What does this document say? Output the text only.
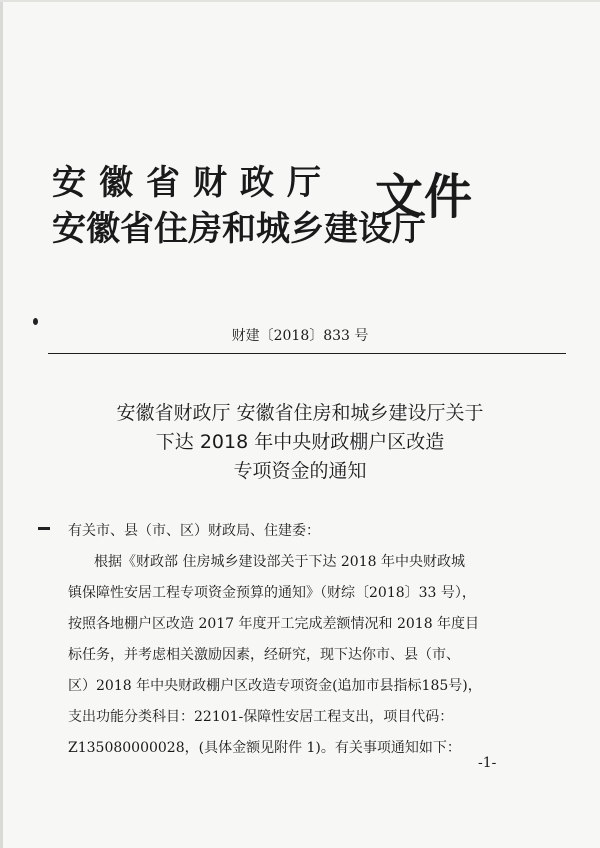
安徽省财政厅
安徽省住房和城乡建设厅
文件
财建〔2018〕833 号
安徽省财政厅 安徽省住房和城乡建设厅关于
下达 2018 年中央财政棚户区改造
专项资金的通知
有关市、县（市、区）财政局、住建委：
根据《财政部 住房城乡建设部关于下达 2018 年中央财政城
镇保障性安居工程专项资金预算的通知》（财综〔2018〕33 号），
按照各地棚户区改造 2017 年度开工完成差额情况和 2018 年度目
标任务，并考虑相关激励因素，经研究，现下达你市、县（市、
区）2018 年中央财政棚户区改造专项资金(追加市县指标185号)，
支出功能分类科目：22101-保障性安居工程支出，项目代码：
Z135080000028，(具体金额见附件 1)。有关事项通知如下：
-1-
